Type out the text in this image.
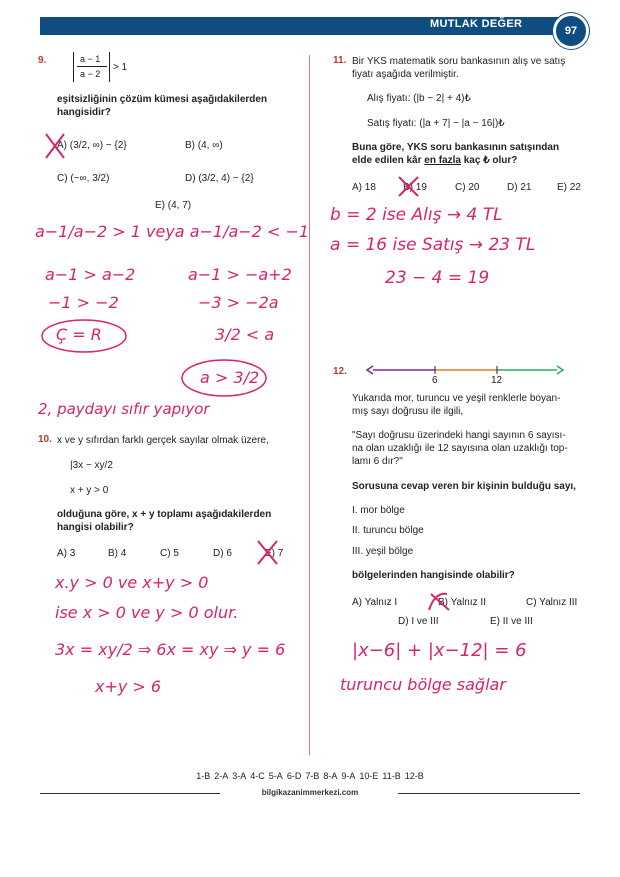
MUTLAK DEĞER
97
9.	a − 1
a − 2
> 1
eşitsizliğinin çözüm kümesi aşağıdakilerden
hangisidir?
A) (3/2, ∞) − {2}	B) (4, ∞)
C) (−∞, 3/2)	D) (3/2, 4) − {2}
E) (4, 7)
a−1/a−2 > 1 veya a−1/a−2 < −1
a−1 > a−2
−1 > −2
Ç = R
a−1 > −a+2
−3 > −2a
3/2 < a
a > 3/2
2, paydayı sıfır yapıyor
10. x ve y sıfırdan farklı gerçek sayılar olmak üzere,
|3x − xy/2
x + y > 0
olduğuna göre, x + y toplamı aşağıdakilerden
hangisi olabilir?
A) 3	B) 4	C) 5	D) 6	E) 7
x.y > 0 ve x+y > 0
ise x > 0 ve y > 0 olur.
3x = xy/2 ⇒ 6x = xy ⇒ y = 6
x+y > 6
11. Bir YKS matematik soru bankasının alış ve satış
fiyatı aşağıda verilmiştir.
Alış fiyatı: (|b − 2| + 4)₺
Satış fiyatı: (|a + 7| − |a − 16|)₺
Buna göre, YKS soru bankasının satışından
elde edilen kâr en fazla kaç ₺ olur?
A) 18	B) 19	C) 20	D) 21	E) 22
b = 2 ise Alış → 4 TL
a = 16 ise Satış → 23 TL
23 − 4 = 19
12.
6	12
Yukarıda mor, turuncu ve yeşil renklerle boyan-
mış sayı doğrusu ile ilgili,
"Sayı doğrusu üzerindeki hangi sayının 6 sayısı-
na olan uzaklığı ile 12 sayısına olan uzaklığı top-
lamı 6 dır?"
Sorusuna cevap veren bir kişinin bulduğu sayı,
I. mor bölge
II. turuncu bölge
III. yeşil bölge
bölgelerinden hangisinde olabilir?
A) Yalnız I	B) Yalnız II	C) Yalnız III
D) I ve III	E) II ve III
|x−6| + |x−12| = 6
turuncu bölge sağlar
1-B 2-A 3-A 4-C 5-A 6-D 7-B 8-A 9-A 10-E 11-B 12-B
bilgikazanimmerkezi.com
